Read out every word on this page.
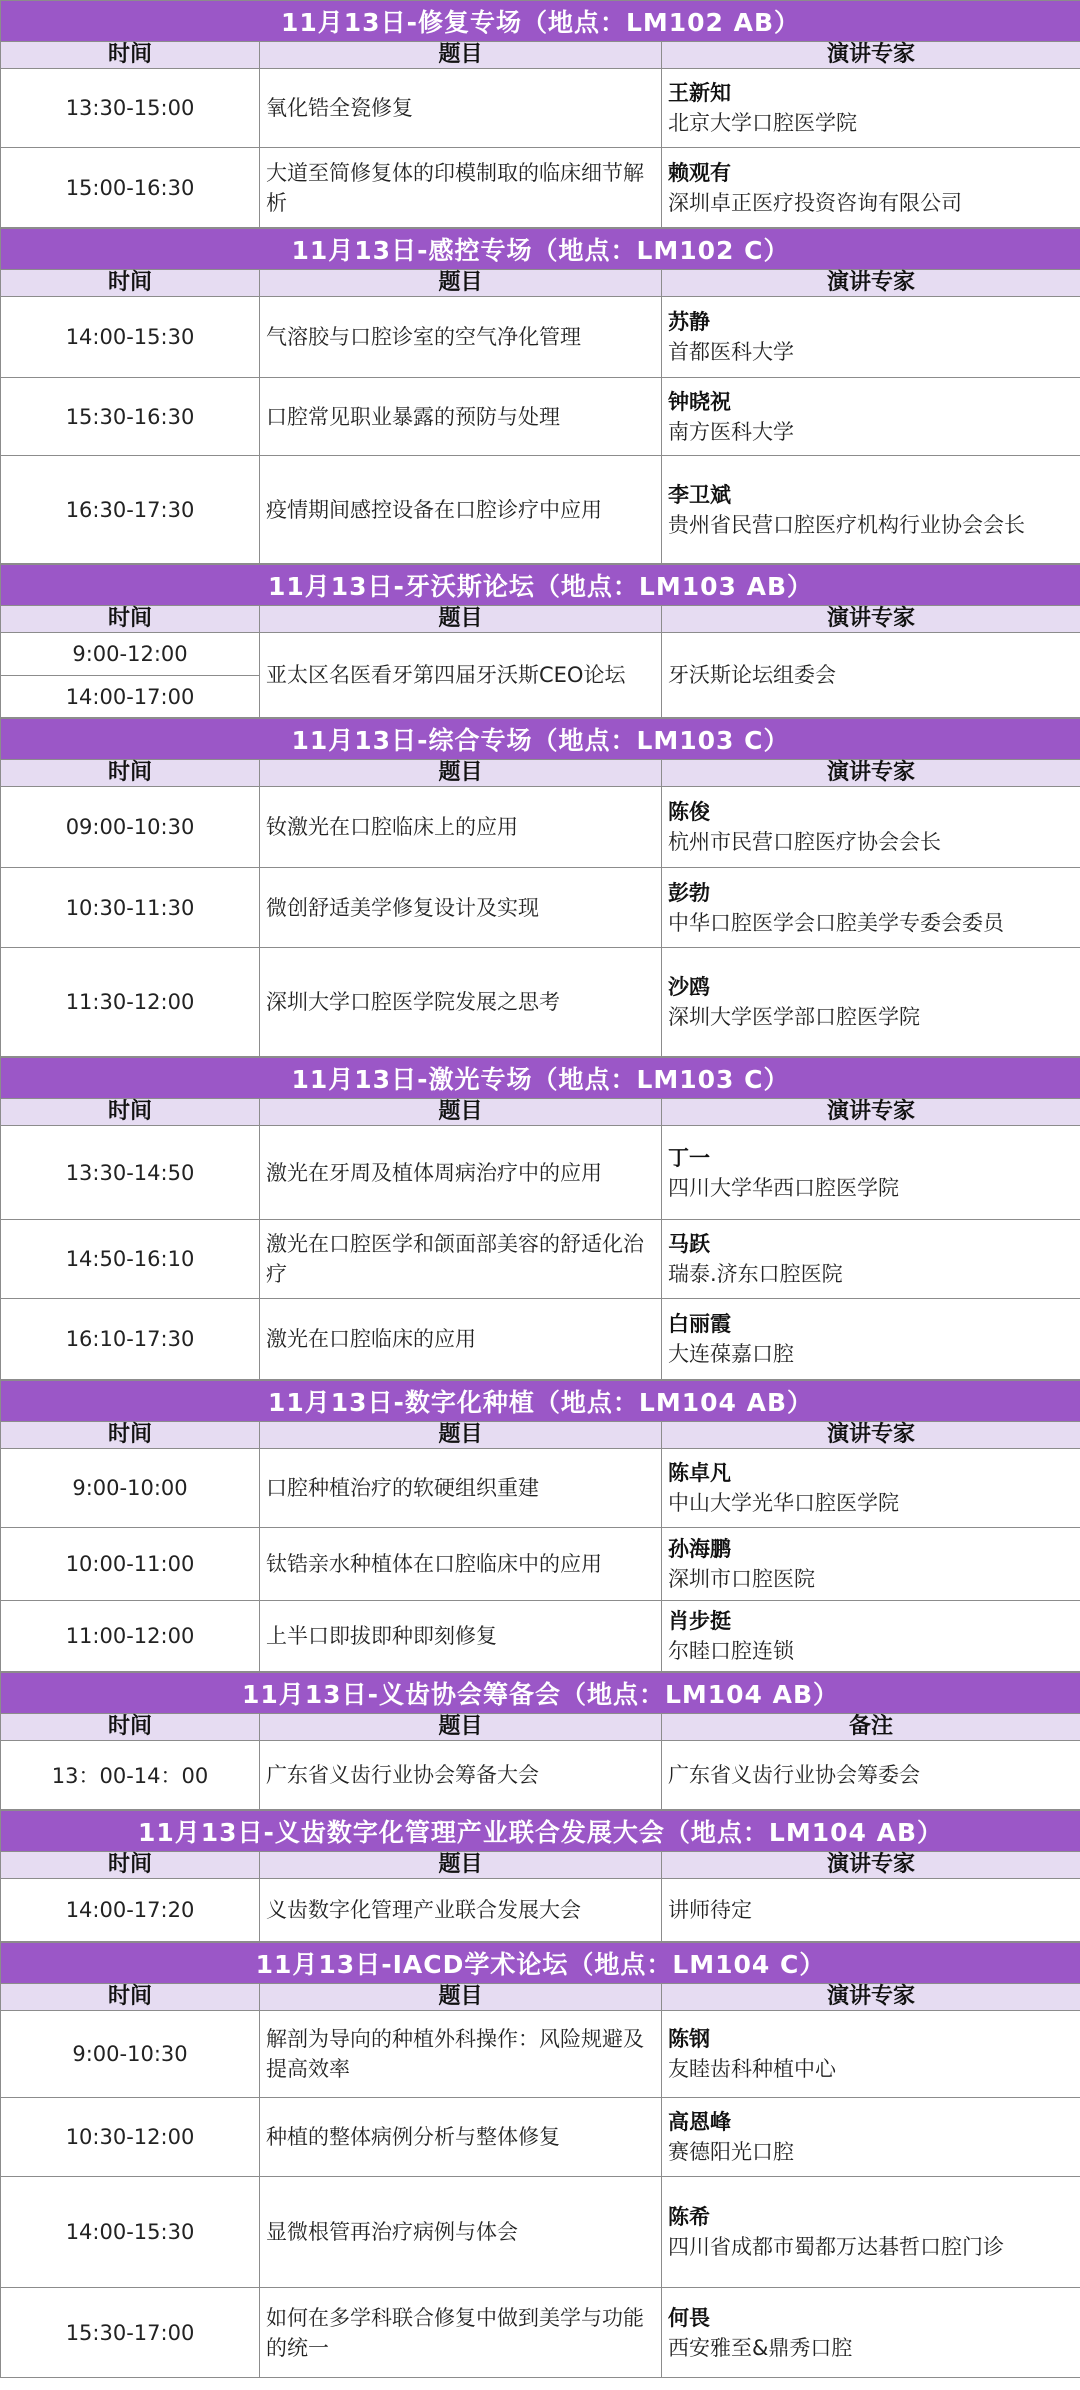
11月13日-修复专场（地点：LM102 AB）		
时间	题目	演讲专家
13:30-15:00	氧化锆全瓷修复	王新知
北京大学口腔医学院

15:00-16:30	大道至简修复体的印模制取的临床细节解析	赖观有
深圳卓正医疗投资咨询有限公司
11月13日-感控专场（地点：LM102 C）		
时间	题目	演讲专家
14:00-15:30	气溶胶与口腔诊室的空气净化管理	苏静
首都医科大学

15:30-16:30	口腔常见职业暴露的预防与处理	钟晓祝
南方医科大学

16:30-17:30	疫情期间感控设备在口腔诊疗中应用	李卫斌
贵州省民营口腔医疗机构行业协会会长
11月13日-牙沃斯论坛（地点：LM103 AB）		
时间	题目	演讲专家
9:00-12:00	亚太区名医看牙第四届牙沃斯CEO论坛	牙沃斯论坛组委会
14:00-17:00		
11月13日-综合专场（地点：LM103 C）		
时间	题目	演讲专家
09:00-10:30	钕激光在口腔临床上的应用	陈俊
杭州市民营口腔医疗协会会长

10:30-11:30	微创舒适美学修复设计及实现	彭勃
中华口腔医学会口腔美学专委会委员

11:30-12:00	深圳大学口腔医学院发展之思考	沙鸥
深圳大学医学部口腔医学院
11月13日-激光专场（地点：LM103 C）		
时间	题目	演讲专家
13:30-14:50	激光在牙周及植体周病治疗中的应用	丁一
四川大学华西口腔医学院

14:50-16:10	激光在口腔医学和颌面部美容的舒适化治疗	马跃
瑞泰.济东口腔医院

16:10-17:30	激光在口腔临床的应用	白丽霞
大连葆嘉口腔
11月13日-数字化种植（地点：LM104 AB）		
时间	题目	演讲专家
9:00-10:00	口腔种植治疗的软硬组织重建	陈卓凡
中山大学光华口腔医学院

10:00-11:00	钛锆亲水种植体在口腔临床中的应用	孙海鹏
深圳市口腔医院

11:00-12:00	上半口即拔即种即刻修复	肖步挺
尔睦口腔连锁
11月13日-义齿协会筹备会（地点：LM104 AB）		
时间	题目	备注
13：00-14：00	广东省义齿行业协会筹备大会	广东省义齿行业协会筹委会
11月13日-义齿数字化管理产业联合发展大会（地点：LM104 AB）		
时间	题目	演讲专家
14:00-17:20	义齿数字化管理产业联合发展大会	讲师待定
11月13日-IACD学术论坛（地点：LM104 C）		
时间	题目	演讲专家
9:00-10:30	解剖为导向的种植外科操作：风险规避及提高效率	陈钢
友睦齿科种植中心

10:30-12:00	种植的整体病例分析与整体修复	高恩峰
赛德阳光口腔

14:00-15:30	显微根管再治疗病例与体会	陈希
四川省成都市蜀都万达碁哲口腔门诊

15:30-17:00	如何在多学科联合修复中做到美学与功能的统一	何畏
西安雅至&鼎秀口腔
